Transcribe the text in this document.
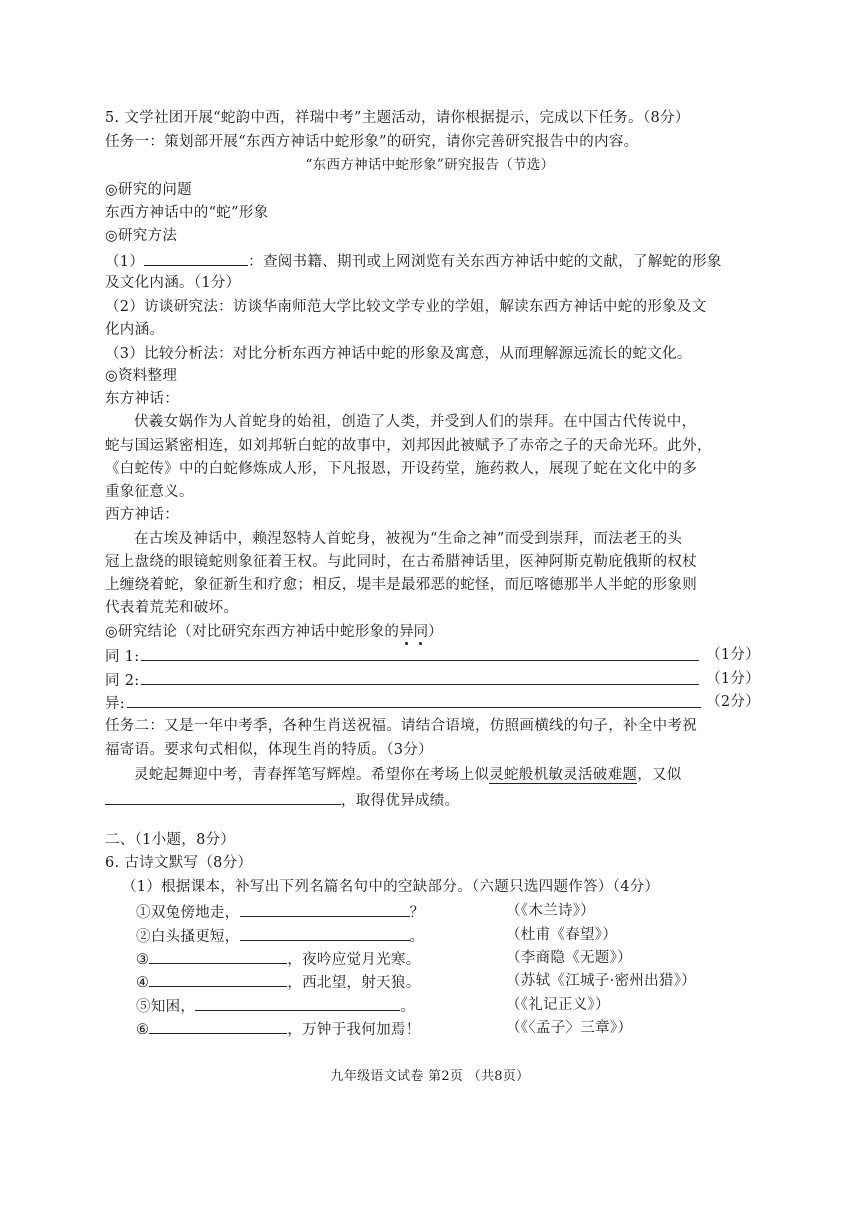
5. 文学社团开展“蛇韵中西，祥瑞中考”主题活动，请你根据提示，完成以下任务。（8分）
任务一：策划部开展“东西方神话中蛇形象”的研究，请你完善研究报告中的内容。
“东西方神话中蛇形象”研究报告（节选）
◎研究的问题
东西方神话中的“蛇”形象
◎研究方法
（1）	：查阅书籍、期刊或上网浏览有关东西方神话中蛇的文献，了解蛇的形象
及文化内涵。（1分）
（2）访谈研究法：访谈华南师范大学比较文学专业的学姐，解读东西方神话中蛇的形象及文
化内涵。
（3）比较分析法：对比分析东西方神话中蛇的形象及寓意，从而理解源远流长的蛇文化。
◎资料整理
东方神话：
伏羲女娲作为人首蛇身的始祖，创造了人类，并受到人们的崇拜。在中国古代传说中，
蛇与国运紧密相连，如刘邦斩白蛇的故事中，刘邦因此被赋予了赤帝之子的天命光环。此外，
《白蛇传》中的白蛇修炼成人形，下凡报恩，开设药堂，施药救人，展现了蛇在文化中的多
重象征意义。
西方神话：
在古埃及神话中，赖涅怒特人首蛇身，被视为“生命之神”而受到崇拜，而法老王的头
冠上盘绕的眼镜蛇则象征着王权。与此同时，在古希腊神话里，医神阿斯克勒庇俄斯的权杖
上缠绕着蛇，象征新生和疗愈；相反，堤丰是最邪恶的蛇怪，而厄喀德那半人半蛇的形象则
代表着荒芜和破坏。
◎研究结论（对比研究东西方神话中蛇形象的异同）
同 1:	（1分）
同 2:	（1分）
异:	（2分）
任务二：又是一年中考季，各种生肖送祝福。请结合语境，仿照画横线的句子，补全中考祝
福寄语。要求句式相似，体现生肖的特质。（3分）
灵蛇起舞迎中考，青春挥笔写辉煌。希望你在考场上似灵蛇般机敏灵活破难题，又似
，取得优异成绩。
二、（1小题，8分）
6. 古诗文默写（8分）
（1）根据课本，补写出下列名篇名句中的空缺部分。（六题只选四题作答）（4分）
①双兔傍地走，	？	（《木兰诗》）
②白头搔更短，	。	（杜甫《春望》）
③	，夜吟应觉月光寒。	（李商隐《无题》）
④	，西北望，射天狼。	（苏轼《江城子·密州出猎》）
⑤知困，	。	（《礼记正义》）
⑥	，万钟于我何加焉！	（《〈孟子〉三章》）
九年级语文试卷 第2页 （共8页）
